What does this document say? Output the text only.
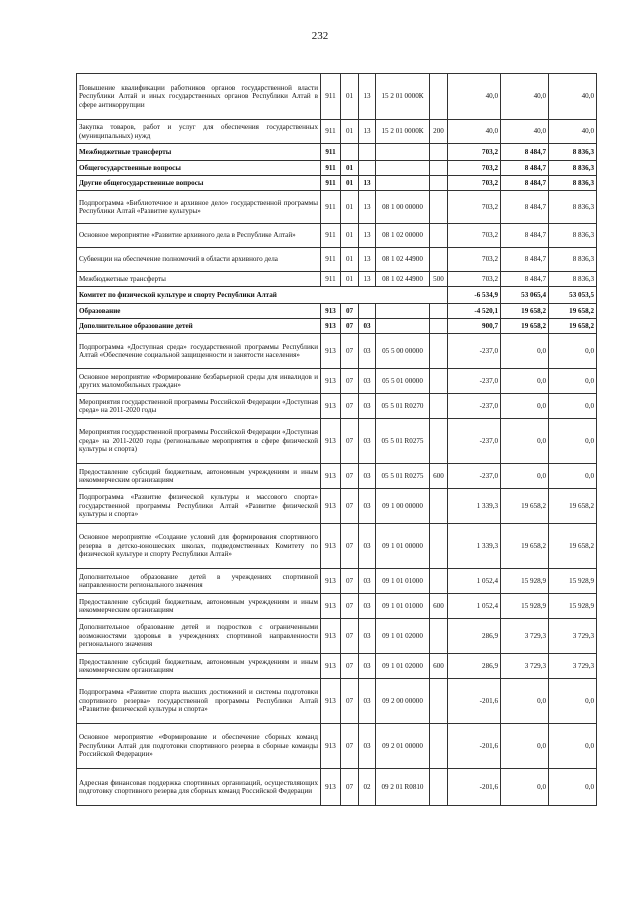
232
Повышение квалификации работников органов государственной власти Республики Алтай и иных государственных органов Республики Алтай в сфере антикоррупции	911	01	13	15 2 01 0000К		40,0	40,0	40,0
Закупка товаров, работ и услуг для обеспечения государственных (муниципальных) нужд	911	01	13	15 2 01 0000К	200	40,0	40,0	40,0
Межбюджетные трансферты	911					703,2	8 484,7	8 836,3
Общегосударственные вопросы	911	01				703,2	8 484,7	8 836,3
Другие общегосударственные вопросы	911	01	13			703,2	8 484,7	8 836,3
Подпрограмма «Библиотечное и архивное дело» государственной программы Республики Алтай «Развитие культуры»	911	01	13	08 1 00 00000		703,2	8 484,7	8 836,3
Основное мероприятие «Развитие архивного дела в Республике Алтай»	911	01	13	08 1 02 00000		703,2	8 484,7	8 836,3
Субвенции на обеспечение полномочий в области архивного дела	911	01	13	08 1 02 44900		703,2	8 484,7	8 836,3
Межбюджетные трансферты	911	01	13	08 1 02 44900	500	703,2	8 484,7	8 836,3
Комитет по физической культуре и спорту Республики Алтай						-6 534,9	53 065,4	53 053,5
Образование	913	07				-4 520,1	19 658,2	19 658,2
Дополнительное образование детей	913	07	03			900,7	19 658,2	19 658,2
Подпрограмма «Доступная среда» государственной программы Республики Алтай «Обеспечение социальной защищенности и занятости населения»	913	07	03	05 5 00 00000		-237,0	0,0	0,0
Основное мероприятие «Формирование безбарьерной среды для инвалидов и других маломобильных граждан»	913	07	03	05 5 01 00000		-237,0	0,0	0,0
Мероприятия государственной программы Российской Федерации «Доступная среда» на 2011-2020 годы	913	07	03	05 5 01 R0270		-237,0	0,0	0,0
Мероприятия государственной программы Российской Федерации «Доступная среда» на 2011-2020 годы (региональные мероприятия в сфере физической культуры и спорта)	913	07	03	05 5 01 R0275		-237,0	0,0	0,0
Предоставление субсидий бюджетным, автономным учреждениям и иным некоммерческим организациям	913	07	03	05 5 01 R0275	600	-237,0	0,0	0,0
Подпрограмма «Развитие физической культуры и массового спорта» государственной программы Республики Алтай «Развитие физической культуры и спорта»	913	07	03	09 1 00 00000		1 339,3	19 658,2	19 658,2
Основное мероприятие «Создание условий для формирования спортивного резерва в детско-юношеских школах, подведомственных Комитету по физической культуре и спорту Республики Алтай»	913	07	03	09 1 01 00000		1 339,3	19 658,2	19 658,2
Дополнительное образование детей в учреждениях спортивной направленности регионального значения	913	07	03	09 1 01 01000		1 052,4	15 928,9	15 928,9
Предоставление субсидий бюджетным, автономным учреждениям и иным некоммерческим организациям	913	07	03	09 1 01 01000	600	1 052,4	15 928,9	15 928,9
Дополнительное образование детей и подростков с ограниченными возможностями здоровья в учреждениях спортивной направленности регионального значения	913	07	03	09 1 01 02000		286,9	3 729,3	3 729,3
Предоставление субсидий бюджетным, автономным учреждениям и иным некоммерческим организациям	913	07	03	09 1 01 02000	600	286,9	3 729,3	3 729,3
Подпрограмма «Развитие спорта высших достижений и системы подготовки спортивного резерва» государственной программы Республики Алтай «Развитие физической культуры и спорта»	913	07	03	09 2 00 00000		-201,6	0,0	0,0
Основное мероприятие «Формирование и обеспечение сборных команд Республики Алтай для подготовки спортивного резерва в сборные команды Российской Федерации»	913	07	03	09 2 01 00000		-201,6	0,0	0,0
Адресная финансовая поддержка спортивных организаций, осуществляющих подготовку спортивного резерва для сборных команд Российской Федерации	913	07	02	09 2 01 R0810		-201,6	0,0	0,0
